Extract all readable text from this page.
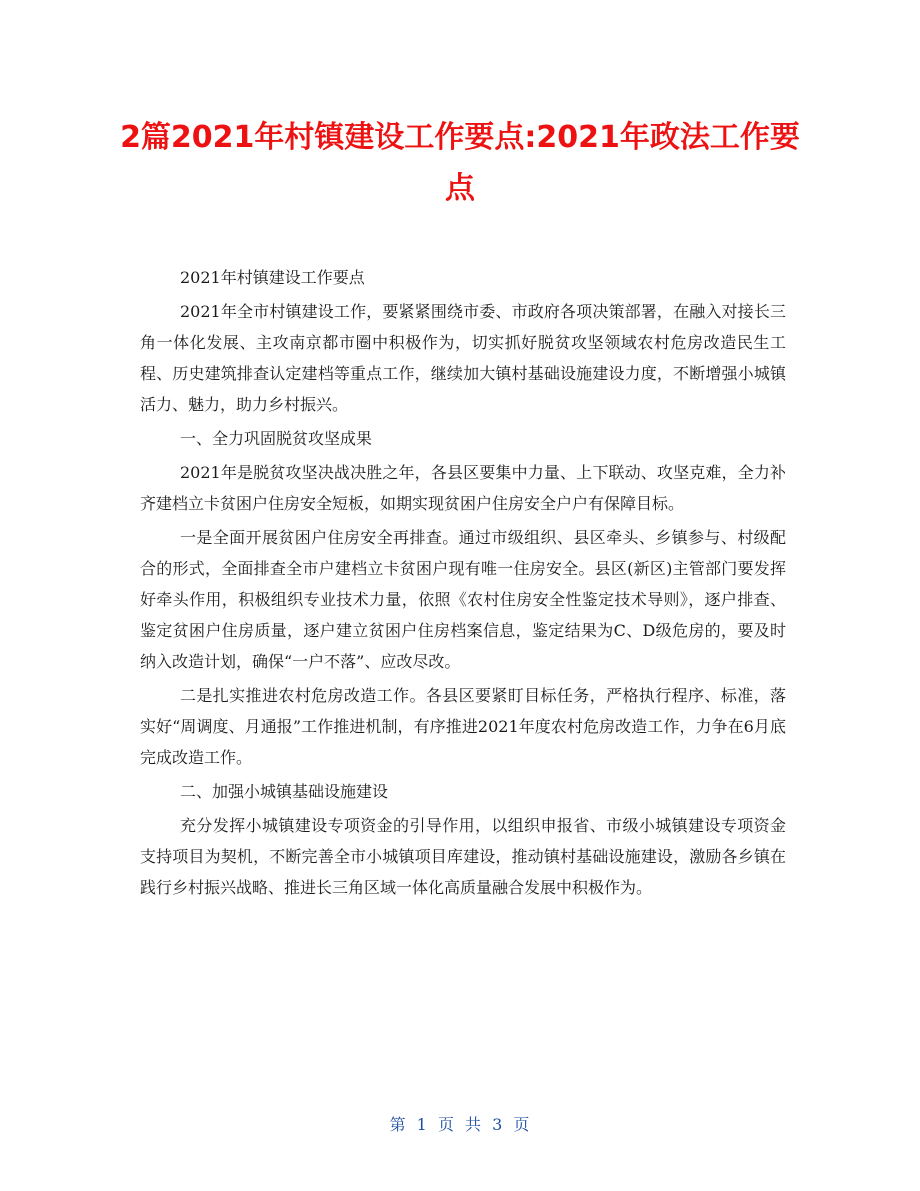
2篇2021年村镇建设工作要点:2021年政法工作要点

2021年村镇建设工作要点

2021年全市村镇建设工作，要紧紧围绕市委、市政府各项决策部署，在融入对接长三角一体化发展、主攻南京都市圈中积极作为，切实抓好脱贫攻坚领域农村危房改造民生工程、历史建筑排查认定建档等重点工作，继续加大镇村基础设施建设力度，不断增强小城镇活力、魅力，助力乡村振兴。

一、全力巩固脱贫攻坚成果

2021年是脱贫攻坚决战决胜之年，各县区要集中力量、上下联动、攻坚克难，全力补齐建档立卡贫困户住房安全短板，如期实现贫困户住房安全户户有保障目标。

一是全面开展贫困户住房安全再排查。通过市级组织、县区牵头、乡镇参与、村级配合的形式，全面排查全市户建档立卡贫困户现有唯一住房安全。县区(新区)主管部门要发挥好牵头作用，积极组织专业技术力量，依照《农村住房安全性鉴定技术导则》，逐户排查、鉴定贫困户住房质量，逐户建立贫困户住房档案信息，鉴定结果为C、D级危房的，要及时纳入改造计划，确保“一户不落”、应改尽改。

二是扎实推进农村危房改造工作。各县区要紧盯目标任务，严格执行程序、标准，落实好“周调度、月通报”工作推进机制，有序推进2021年度农村危房改造工作，力争在6月底完成改造工作。

二、加强小城镇基础设施建设

充分发挥小城镇建设专项资金的引导作用，以组织申报省、市级小城镇建设专项资金支持项目为契机，不断完善全市小城镇项目库建设，推动镇村基础设施建设，激励各乡镇在践行乡村振兴战略、推进长三角区域一体化高质量融合发展中积极作为。

第 1 页 共 3 页
